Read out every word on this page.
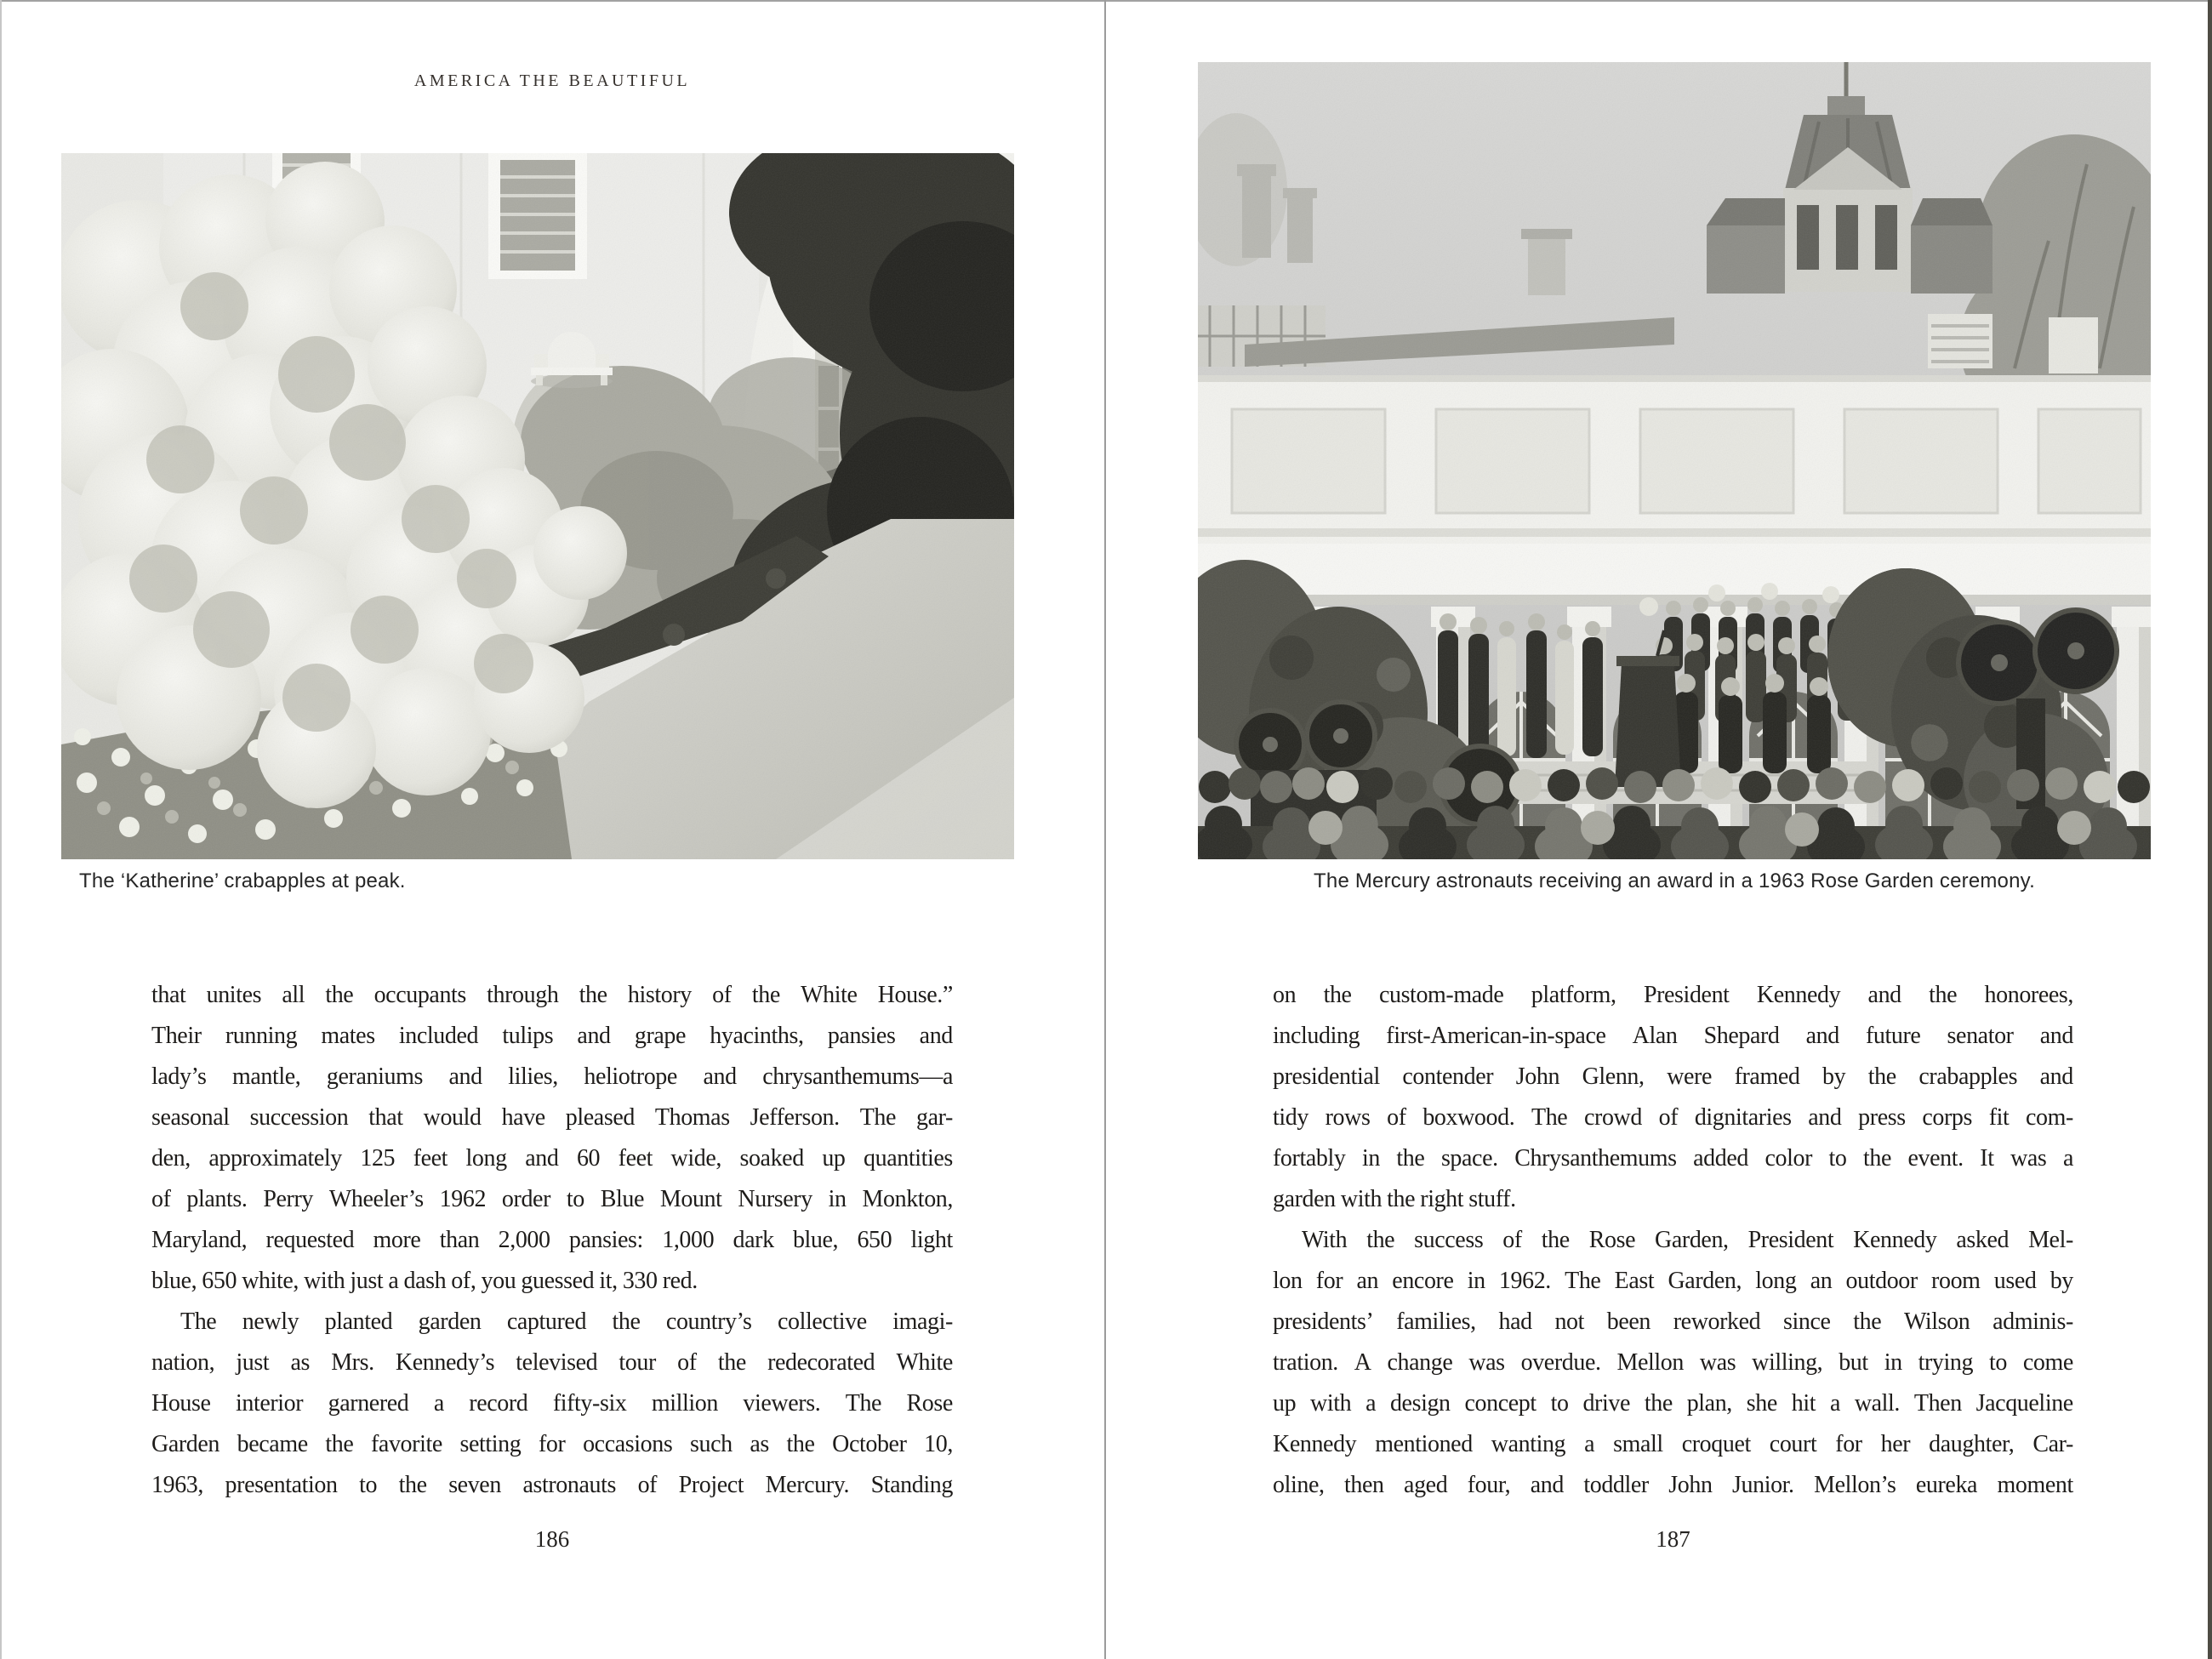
AMERICA THE BEAUTIFUL
The ‘Katherine’ crabapples at peak.
that unites all the occupants through the history of the White House.”
Their running mates included tulips and grape hyacinths, pansies and
lady’s mantle, geraniums and lilies, heliotrope and chrysanthemums—a
seasonal succession that would have pleased Thomas Jefferson. The gar-
den, approximately 125 feet long and 60 feet wide, soaked up quantities
of plants. Perry Wheeler’s 1962 order to Blue Mount Nursery in Monkton,
Maryland, requested more than 2,000 pansies: 1,000 dark blue, 650 light
blue, 650 white, with just a dash of, you guessed it, 330 red.
The newly planted garden captured the country’s collective imagi-
nation, just as Mrs. Kennedy’s televised tour of the redecorated White
House interior garnered a record fifty-six million viewers. The Rose
Garden became the favorite setting for occasions such as the October 10,
1963, presentation to the seven astronauts of Project Mercury. Standing
186
The Mercury astronauts receiving an award in a 1963 Rose Garden ceremony.
on the custom-made platform, President Kennedy and the honorees,
including first-American-in-space Alan Shepard and future senator and
presidential contender John Glenn, were framed by the crabapples and
tidy rows of boxwood. The crowd of dignitaries and press corps fit com-
fortably in the space. Chrysanthemums added color to the event. It was a
garden with the right stuff.
With the success of the Rose Garden, President Kennedy asked Mel-
lon for an encore in 1962. The East Garden, long an outdoor room used by
presidents’ families, had not been reworked since the Wilson adminis-
tration. A change was overdue. Mellon was willing, but in trying to come
up with a design concept to drive the plan, she hit a wall. Then Jacqueline
Kennedy mentioned wanting a small croquet court for her daughter, Car-
oline, then aged four, and toddler John Junior. Mellon’s eureka moment
187
